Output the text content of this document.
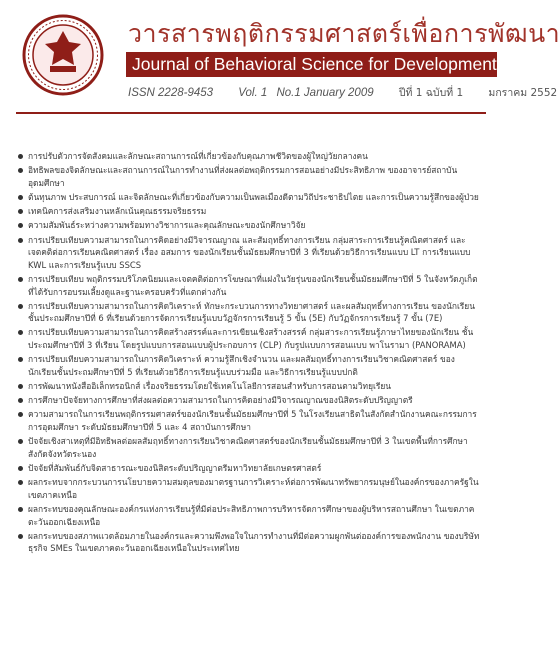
วารสารพฤติกรรมศาสตร์เพื่อการพัฒนา
Journal of Behavioral Science for Development
ISSN 2228-9453 Vol. 1 No.1 January 2009 ปีที่ 1 ฉบับที่ 1 มกราคม 2552
การปรับตัวการจัดสังคมและลักษณะสถานการณ์ที่เกี่ยวข้องกับคุณภาพชีวิตของผู้ใหญ่วัยกลางคน
อิทธิพลของจิตลักษณะและสถานการณ์ในการทำงานที่ส่งผลต่อพฤติกรรมการสอนอย่างมีประสิทธิภาพ ของอาจารย์สถาบันอุดมศึกษา
ต้นทุนภาพ ประสบการณ์ และจิตลักษณะที่เกี่ยวข้องกับความเป็นพลเมืองดีตามวิถีประชาธิปไตย และการเป็นความรู้สึกของผู้ป่วย
เทคนิคการส่งเสริมงานหลักเน้นคุณธรรมจริยธรรม
ความสัมพันธ์ระหว่างความพร้อมทางวิชาการและคุณลักษณะของนักศึกษาวิจัย
การเปรียบเทียบความสามารถในการคิดอย่างมีวิจารณญาณ และสัมฤทธิ์ทางการเรียน กลุ่มสาระการเรียนรู้คณิตศาสตร์ และเจตคติต่อการเรียนคณิตศาสตร์ เรื่อง อสมการ ของนักเรียนชั้นมัธยมศึกษาปีที่ 3 ที่เรียนด้วยวิธีการเรียนแบบ LT การเรียนแบบ KWL และการเรียนรู้แบบ SSCS
การเปรียบเทียบ พฤติกรรมบริโภคนิยมและเจตคติต่อการโฆษณาที่แฝงในวัยรุ่นของนักเรียนชั้นมัธยมศึกษาปีที่ 5 ในจังหวัดภูเก็ตที่ได้รับการอบรมเลี้ยงดูและฐานะครอบครัวที่แตกต่างกัน
การเปรียบเทียบความสามารถในการคิดวิเคราะห์ ทักษะกระบวนการทางวิทยาศาสตร์ และผลสัมฤทธิ์ทางการเรียน ของนักเรียนชั้นประถมศึกษาปีที่ 6 ที่เรียนด้วยการจัดการเรียนรู้แบบวัฏจักรการเรียนรู้ 5 ขั้น (5E) กับวัฏจักรการเรียนรู้ 7 ขั้น (7E)
การเปรียบเทียบความสามารถในการคิดสร้างสรรค์และการเขียนเชิงสร้างสรรค์ กลุ่มสาระการเรียนรู้ภาษาไทยของนักเรียน ชั้นประถมศึกษาปีที่ 3 ที่เรียน โดยรูปแบบการสอนแบบผู้ประกอบการ (CLP) กับรูปแบบการสอนแบบ พาโนรามา (PANORAMA)
การเปรียบเทียบความสามารถในการคิดวิเคราะห์ ความรู้สึกเชิงจำนวน และผลสัมฤทธิ์ทางการเรียนวิชาคณิตศาสตร์ ของนักเรียนชั้นประถมศึกษาปีที่ 5 ที่เรียนด้วยวิธีการเรียนรู้แบบร่วมมือ และวิธีการเรียนรู้แบบปกติ
การพัฒนาหนังสืออิเล็กทรอนิกส์ เรื่องจริยธรรมโดยใช้เทคโนโลยีการสอนสำหรับการสอนตามวิทยุเรียน
การศึกษาปัจจัยทางการศึกษาที่ส่งผลต่อความสามารถในการคิดอย่างมีวิจารณญาณของนิสิตระดับปริญญาตรี
ความสามารถในการเรียนพฤติกรรมศาสตร์ของนักเรียนชั้นมัธยมศึกษาปีที่ 5 ในโรงเรียนสาธิตในสังกัดสำนักงานคณะกรรมการการอุดมศึกษา ระดับมัธยมศึกษาปีที่ 5 และ 4 สถาบันการศึกษา
ปัจจัยเชิงสาเหตุที่มีอิทธิพลต่อผลสัมฤทธิ์ทางการเรียนวิชาคณิตศาสตร์ของนักเรียนชั้นมัธยมศึกษาปีที่ 3 ในเขตพื้นที่การศึกษา สังกัดจังหวัดระนอง
ปัจจัยที่สัมพันธ์กับจิตสาธารณะของนิสิตระดับปริญญาตรีมหาวิทยาลัยเกษตรศาสตร์
ผลกระทบจากกระบวนการนโยบายความสมดุลของมาตรฐานการวิเคราะห์ต่อการพัฒนาทรัพยากรมนุษย์ในองค์กรของภาครัฐในเขตภาคเหนือ
ผลกระทบของคุณลักษณะองค์กรแห่งการเรียนรู้ที่มีต่อประสิทธิภาพการบริหารจัดการศึกษาของผู้บริหารสถานศึกษา ในเขตภาคตะวันออกเฉียงเหนือ
ผลกระทบของสภาพแวดล้อมภายในองค์กรและความพึงพอใจในการทำงานที่มีต่อความผูกพันต่อองค์การของพนักงาน ของบริษัทธุรกิจ SMEs ในเขตภาคตะวันออกเฉียงเหนือในประเทศไทย
